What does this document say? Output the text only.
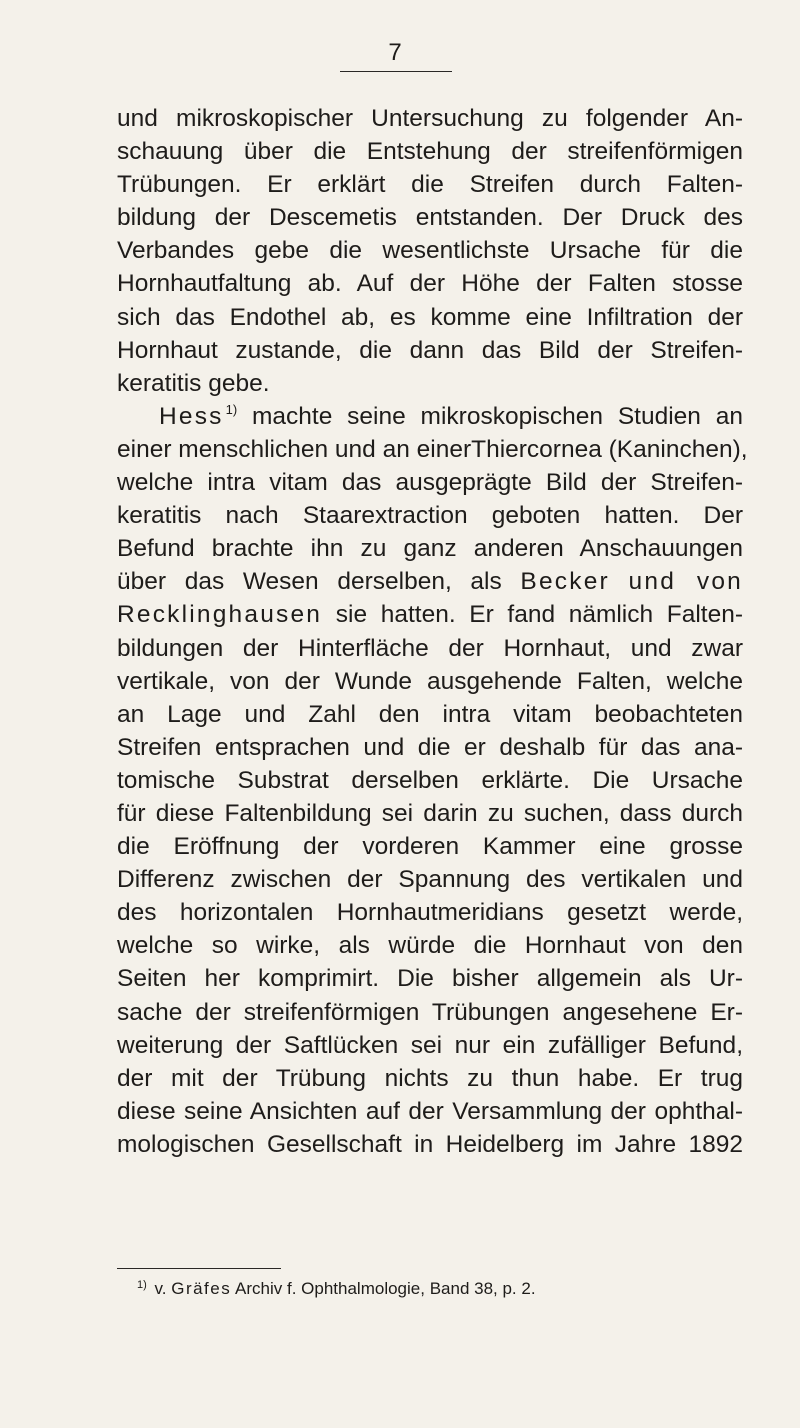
7
und mikroskopischer Untersuchung zu folgender An-
schauung über die Entstehung der streifenförmigen
Trübungen. Er erklärt die Streifen durch Falten-
bildung der Descemetis entstanden. Der Druck des
Verbandes gebe die wesentlichste Ursache für die
Hornhautfaltung ab. Auf der Höhe der Falten stosse
sich das Endothel ab, es komme eine Infiltration der
Hornhaut zustande, die dann das Bild der Streifen-
keratitis gebe.
Hess $^{1)}$ machte seine mikroskopischen Studien an
einer menschlichen und an einerThiercornea (Kaninchen),
welche intra vitam das ausgeprägte Bild der Streifen-
keratitis nach Staarextraction geboten hatten. Der
Befund brachte ihn zu ganz anderen Anschauungen
über das Wesen derselben, als Becker und von
Recklinghausen sie hatten. Er fand nämlich Falten-
bildungen der Hinterfläche der Hornhaut, und zwar
vertikale, von der Wunde ausgehende Falten, welche
an Lage und Zahl den intra vitam beobachteten
Streifen entsprachen und die er deshalb für das ana-
tomische Substrat derselben erklärte. Die Ursache
für diese Faltenbildung sei darin zu suchen, dass durch
die Eröffnung der vorderen Kammer eine grosse
Differenz zwischen der Spannung des vertikalen und
des horizontalen Hornhautmeridians gesetzt werde,
welche so wirke, als würde die Hornhaut von den
Seiten her komprimirt. Die bisher allgemein als Ur-
sache der streifenförmigen Trübungen angesehene Er-
weiterung der Saftlücken sei nur ein zufälliger Befund,
der mit der Trübung nichts zu thun habe. Er trug
diese seine Ansichten auf der Versammlung der ophthal-
mologischen Gesellschaft in Heidelberg im Jahre 1892
$^{1)}$ v. Gräfes Archiv f. Ophthalmologie, Band 38, p. 2.
